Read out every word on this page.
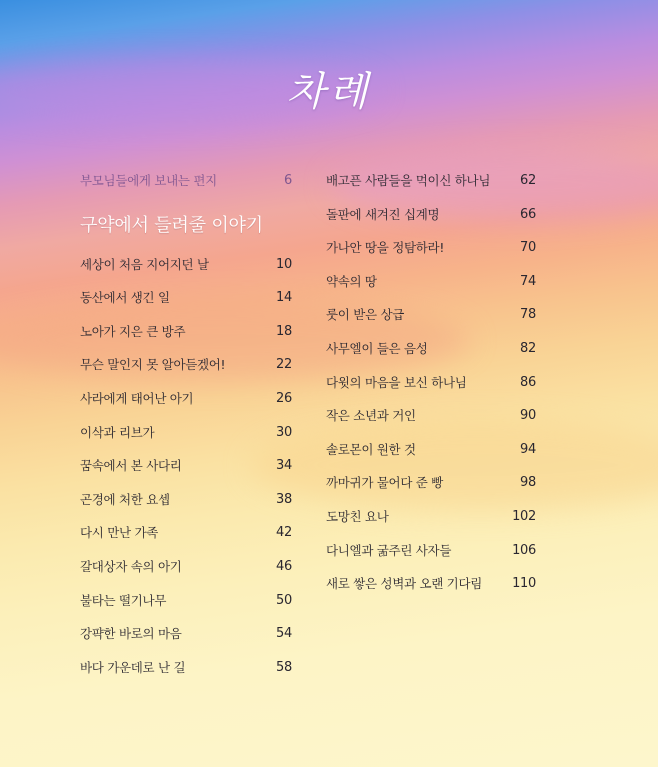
차례
부모님들에게 보내는 편지	6
구약에서 들려줄 이야기
세상이 처음 지어지던 날	10
동산에서 생긴 일	14
노아가 지은 큰 방주	18
무슨 말인지 못 알아듣겠어!	22
사라에게 태어난 아기	26
이삭과 리브가	30
꿈속에서 본 사다리	34
곤경에 처한 요셉	38
다시 만난 가족	42
갈대상자 속의 아기	46
불타는 떨기나무	50
강퍅한 바로의 마음	54
바다 가운데로 난 길	58
배고픈 사람들을 먹이신 하나님 62
돌판에 새겨진 십계명	66
가나안 땅을 정탐하라!	70
약속의 땅	74
룻이 받은 상급	78
사무엘이 들은 음성	82
다윗의 마음을 보신 하나님	86
작은 소년과 거인	90
솔로몬이 원한 것	94
까마귀가 물어다 준 빵	98
도망친 요나	102
다니엘과 굶주린 사자들	106
새로 쌓은 성벽과 오랜 기다림 110
